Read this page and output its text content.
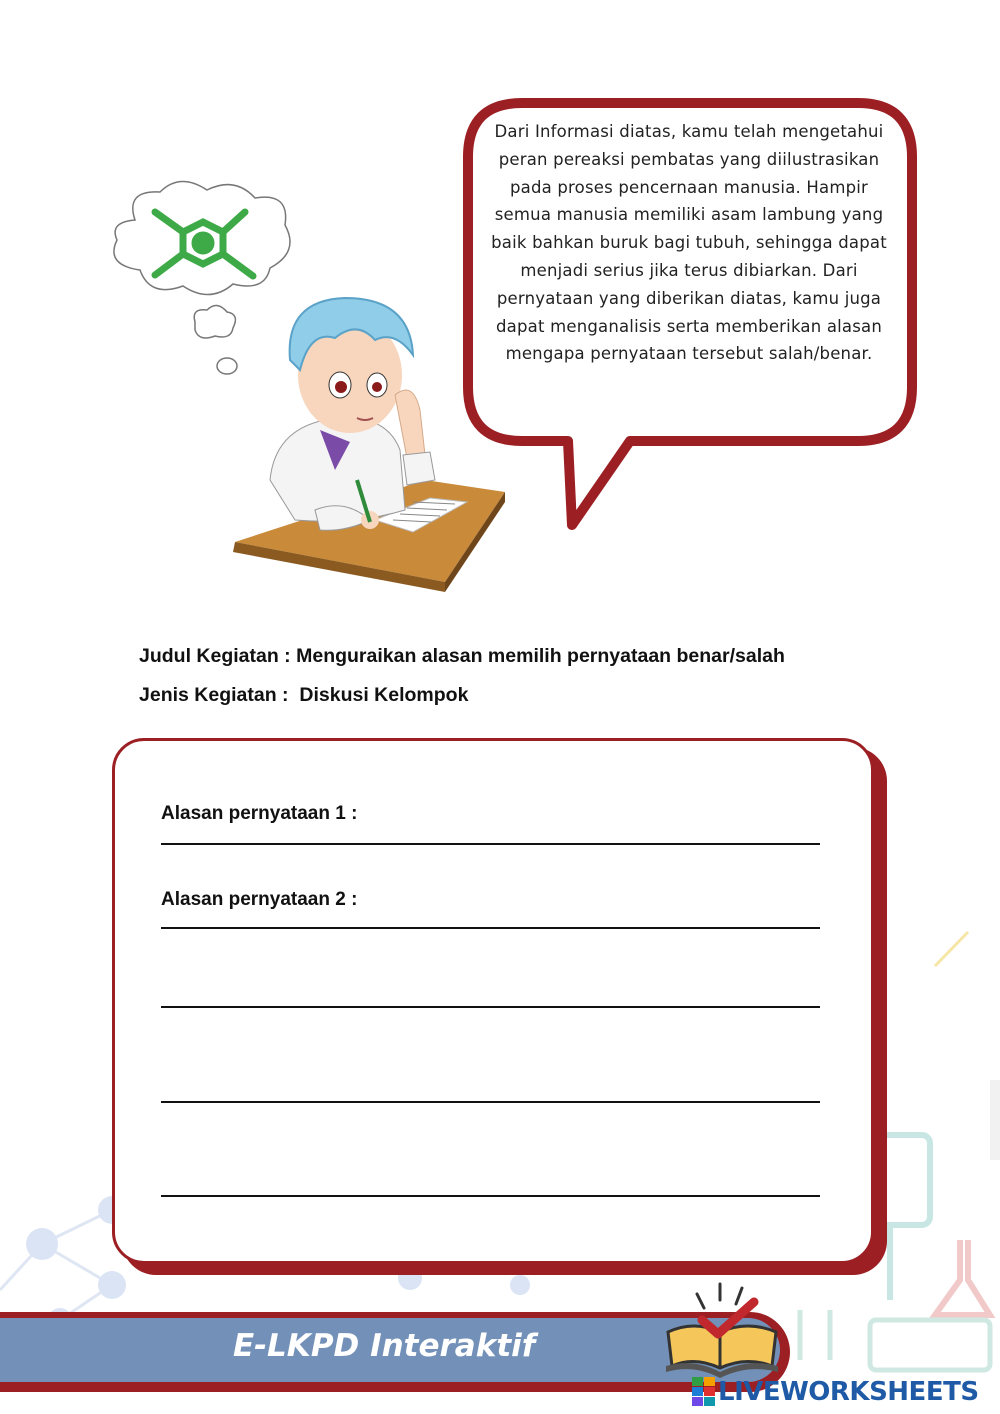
Dari Informasi diatas, kamu telah mengetahui peran pereaksi pembatas yang diilustrasikan pada proses pencernaan manusia. Hampir semua manusia memiliki asam lambung yang baik bahkan buruk bagi tubuh, sehingga dapat menjadi serius jika terus dibiarkan. Dari pernyataan yang diberikan diatas, kamu juga dapat menganalisis serta memberikan alasan mengapa pernyataan tersebut salah/benar.
Judul Kegiatan : Menguraikan alasan memilih pernyataan benar/salah
Jenis Kegiatan :  Diskusi Kelompok
Alasan pernyataan 1 :
Alasan pernyataan 2 :
E-LKPD Interaktif
LIVEWORKSHEETS
